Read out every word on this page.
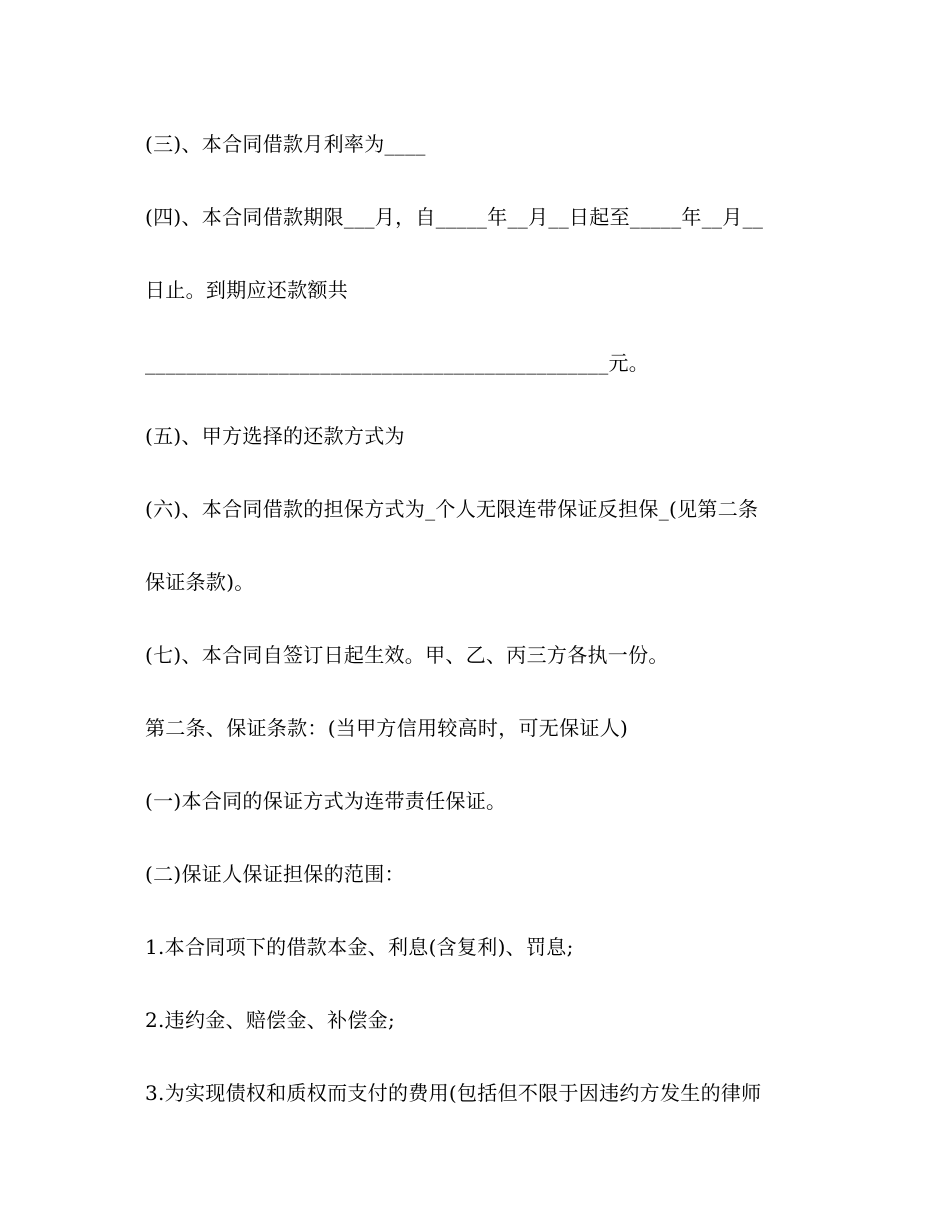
(三)、本合同借款月利率为____

(四)、本合同借款期限___月，自_____年__月__日起至_____年__月__

日止。到期应还款额共

_____________________________________________元。

(五)、甲方选择的还款方式为

(六)、本合同借款的担保方式为_个人无限连带保证反担保_(见第二条

保证条款)。

(七)、本合同自签订日起生效。甲、乙、丙三方各执一份。

第二条、保证条款：(当甲方信用较高时，可无保证人)

(一)本合同的保证方式为连带责任保证。

(二)保证人保证担保的范围：

1.本合同项下的借款本金、利息(含复利)、罚息;

2.违约金、赔偿金、补偿金;

3.为实现债权和质权而支付的费用(包括但不限于因违约方发生的律师
